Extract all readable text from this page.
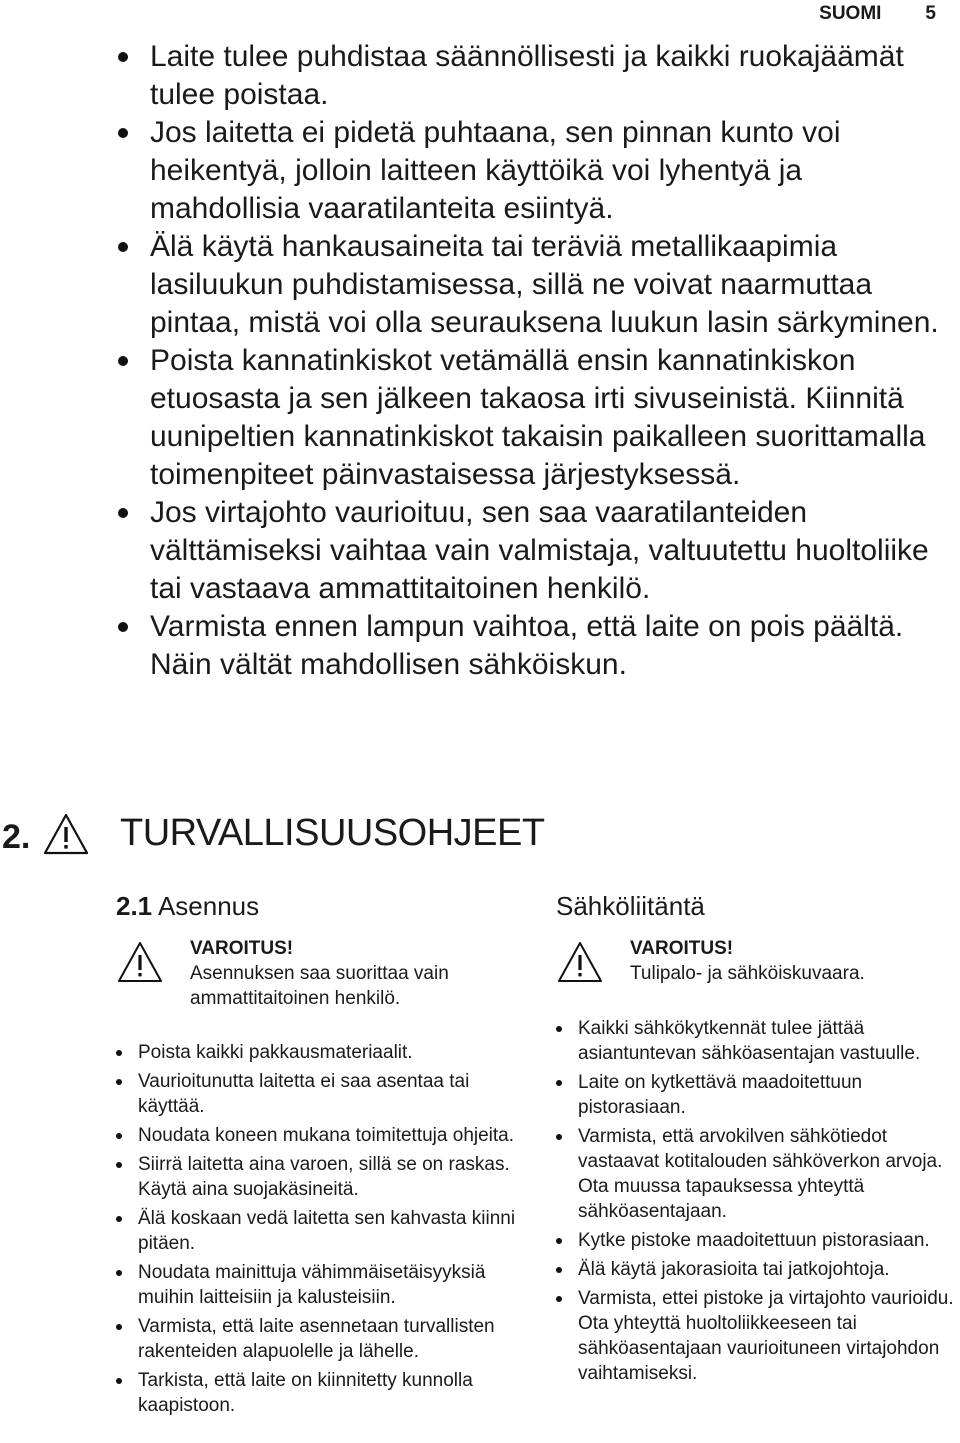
SUOMI 5
Laite tulee puhdistaa säännöllisesti ja kaikki ruokajäämät tulee poistaa.
Jos laitetta ei pidetä puhtaana, sen pinnan kunto voi heikentyä, jolloin laitteen käyttöikä voi lyhentyä ja mahdollisia vaaratilanteita esiintyä.
Älä käytä hankausaineita tai teräviä metallikaapimia lasiluukun puhdistamisessa, sillä ne voivat naarmuttaa pintaa, mistä voi olla seurauksena luukun lasin särkyminen.
Poista kannatinkiskot vetämällä ensin kannatinkiskon etuosasta ja sen jälkeen takaosa irti sivuseinistä. Kiinnitä uunipeltien kannatinkiskot takaisin paikalleen suorittamalla toimenpiteet päinvastaisessa järjestyksessä.
Jos virtajohto vaurioituu, sen saa vaaratilanteiden välttämiseksi vaihtaa vain valmistaja, valtuutettu huoltoliike tai vastaava ammattitaitoinen henkilö.
Varmista ennen lampun vaihtoa, että laite on pois päältä. Näin vältät mahdollisen sähköiskun.
2. TURVALLISUUSOHJEET
2.1 Asennus
VAROITUS!
Asennuksen saa suorittaa vain ammattitaitoinen henkilö.
Poista kaikki pakkausmateriaalit.
Vaurioitunutta laitetta ei saa asentaa tai käyttää.
Noudata koneen mukana toimitettuja ohjeita.
Siirrä laitetta aina varoen, sillä se on raskas. Käytä aina suojakäsineitä.
Älä koskaan vedä laitetta sen kahvasta kiinni pitäen.
Noudata mainittuja vähimmäisetäisyyksiä muihin laitteisiin ja kalusteisiin.
Varmista, että laite asennetaan turvallisten rakenteiden alapuolelle ja lähelle.
Tarkista, että laite on kiinnitetty kunnolla kaapistoon.
Sähköliitäntä
VAROITUS!
Tulipalo- ja sähköiskuvaara.
Kaikki sähkökytkennät tulee jättää asiantuntevan sähköasentajan vastuulle.
Laite on kytkettävä maadoitettuun pistorasiaan.
Varmista, että arvokilven sähkötiedot vastaavat kotitalouden sähköverkon arvoja. Ota muussa tapauksessa yhteyttä sähköasentajaan.
Kytke pistoke maadoitettuun pistorasiaan.
Älä käytä jakorasioita tai jatkojohtoja.
Varmista, ettei pistoke ja virtajohto vaurioidu. Ota yhteyttä huoltoliikkeeseen tai sähköasentajaan vaurioituneen virtajohdon vaihtamiseksi.
